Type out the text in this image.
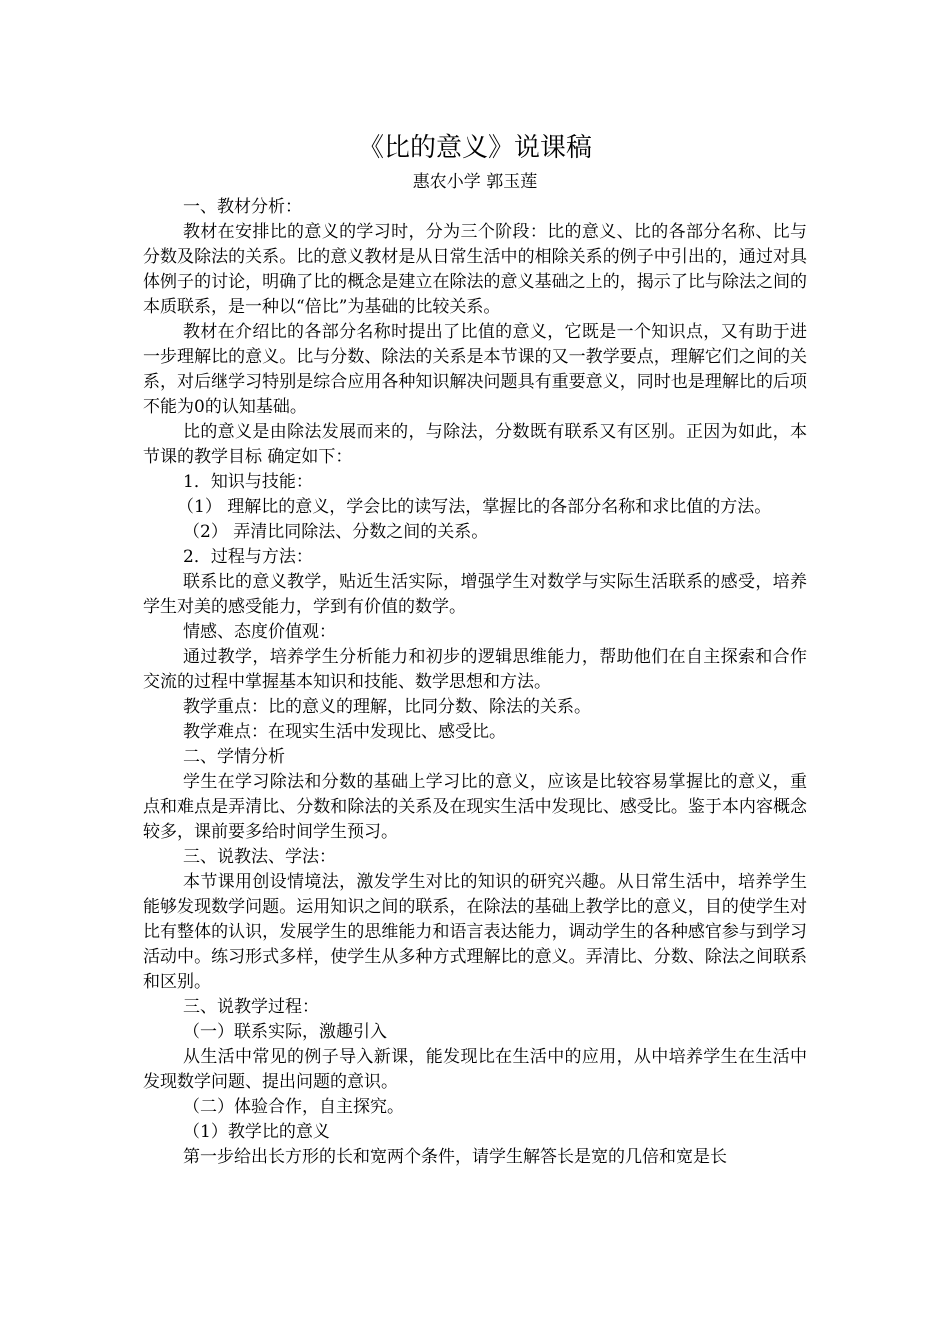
《比的意义》说课稿
惠农小学 郭玉莲

一、教材分析：

教材在安排比的意义的学习时，分为三个阶段：比的意义、比的各部分名称、比与分数及除法的关系。比的意义教材是从日常生活中的相除关系的例子中引出的，通过对具体例子的讨论，明确了比的概念是建立在除法的意义基础之上的，揭示了比与除法之间的本质联系，是一种以“倍比”为基础的比较关系。

教材在介绍比的各部分名称时提出了比值的意义，它既是一个知识点，又有助于进一步理解比的意义。比与分数、除法的关系是本节课的又一教学要点，理解它们之间的关系，对后继学习特别是综合应用各种知识解决问题具有重要意义，同时也是理解比的后项不能为0的认知基础。

比的意义是由除法发展而来的，与除法，分数既有联系又有区别。正因为如此，本节课的教学目标 确定如下：

1．知识与技能：

（1） 理解比的意义，学会比的读写法，掌握比的各部分名称和求比值的方法。

（2） 弄清比同除法、分数之间的关系。

2．过程与方法：

联系比的意义教学，贴近生活实际，增强学生对数学与实际生活联系的感受，培养学生对美的感受能力，学到有价值的数学。

情感、态度价值观：

通过教学，培养学生分析能力和初步的逻辑思维能力，帮助他们在自主探索和合作交流的过程中掌握基本知识和技能、数学思想和方法。

教学重点：比的意义的理解，比同分数、除法的关系。

教学难点：在现实生活中发现比、感受比。

二、学情分析

学生在学习除法和分数的基础上学习比的意义，应该是比较容易掌握比的意义，重点和难点是弄清比、分数和除法的关系及在现实生活中发现比、感受比。鉴于本内容概念较多，课前要多给时间学生预习。

三、说教法、学法：

本节课用创设情境法，激发学生对比的知识的研究兴趣。从日常生活中，培养学生能够发现数学问题。运用知识之间的联系，在除法的基础上教学比的意义，目的使学生对比有整体的认识，发展学生的思维能力和语言表达能力，调动学生的各种感官参与到学习活动中。练习形式多样，使学生从多种方式理解比的意义。弄清比、分数、除法之间联系和区别。

三、说教学过程：

（一）联系实际，激趣引入

从生活中常见的例子导入新课，能发现比在生活中的应用，从中培养学生在生活中发现数学问题、提出问题的意识。

（二）体验合作，自主探究。

（1）教学比的意义

第一步给出长方形的长和宽两个条件，请学生解答长是宽的几倍和宽是长
